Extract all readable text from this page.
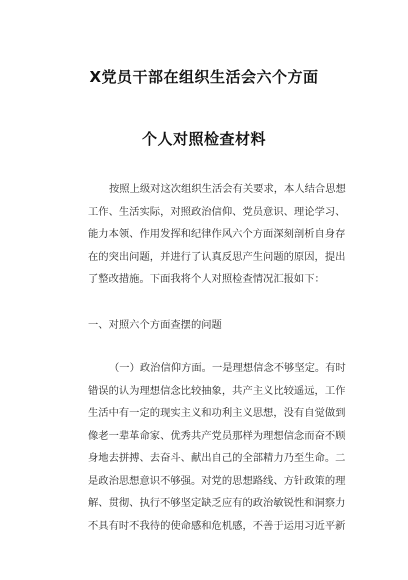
X党员干部在组织生活会六个方面
个人对照检查材料
按照上级对这次组织生活会有关要求，本人结合思想
工作、生活实际，对照政治信仰、党员意识、理论学习、
能力本领、作用发挥和纪律作风六个方面深刻剖析自身存
在的突出问题，并进行了认真反思产生问题的原因，提出
了整改措施。下面我将个人对照检查情况汇报如下：
一、对照六个方面查摆的问题
（一）政治信仰方面。一是理想信念不够坚定。有时
错误的认为理想信念比较抽象，共产主义比较遥远，工作
生活中有一定的现实主义和功利主义思想，没有自觉做到
像老一辈革命家、优秀共产党员那样为理想信念而奋不顾
身地去拼搏、去奋斗、献出自己的全部精力乃至生命。二
是政治思想意识不够强。对党的思想路线、方针政策的理
解、贯彻、执行不够坚定缺乏应有的政治敏锐性和洞察力
不具有时不我待的使命感和危机感，不善于运用习近平新
